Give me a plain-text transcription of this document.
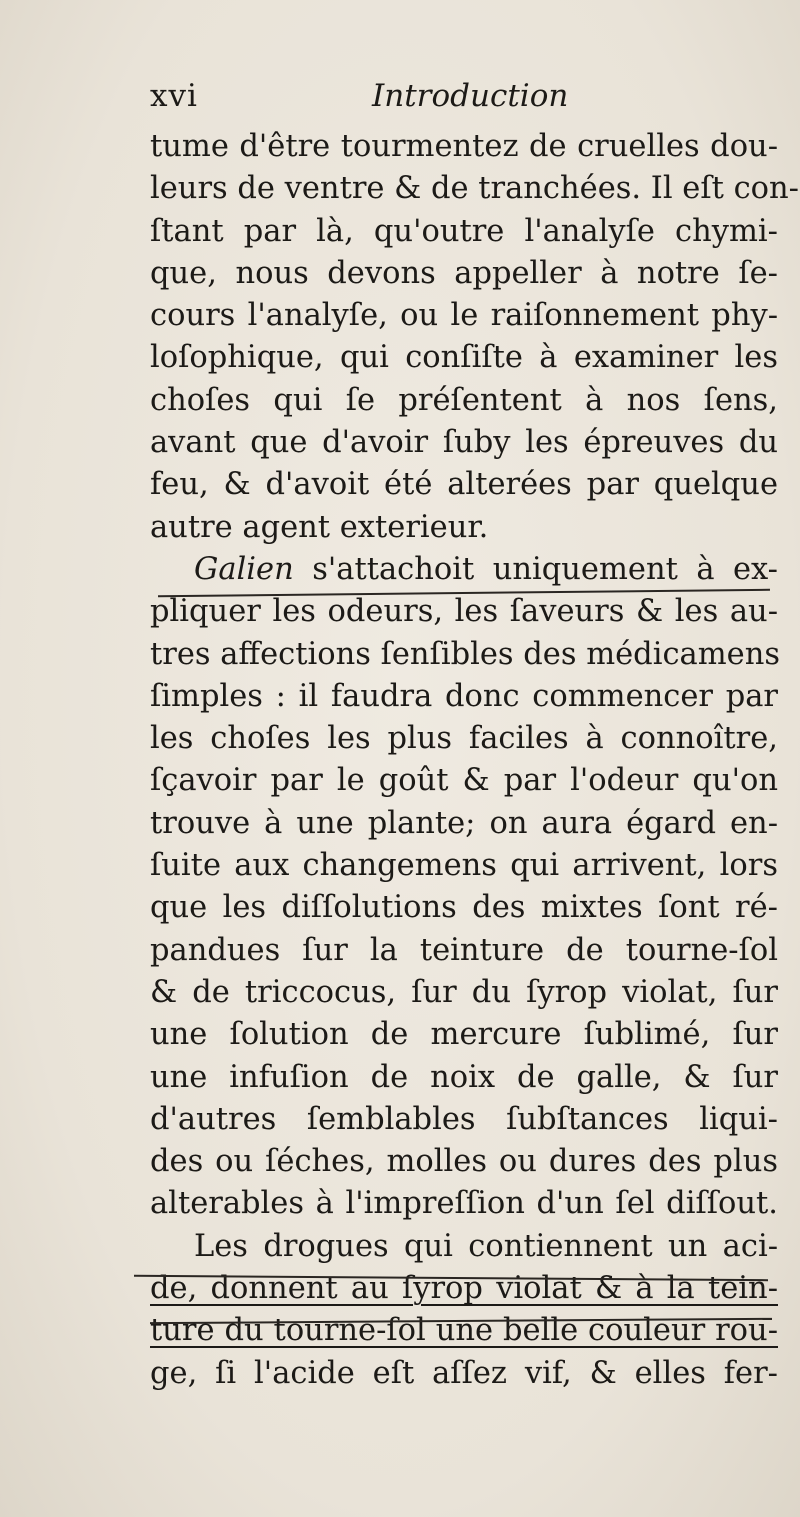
xvi	Introduction
tume d'être tourmentez de cruelles dou-
leurs de ventre & de tranchées. Il eſt con-
ſtant par là, qu'outre l'analyſe chymi-
que, nous devons appeller à notre ſe-
cours l'analyſe, ou le raiſonnement phy-
loſophique, qui conſiſte à examiner les
choſes qui ſe préſentent à nos ſens,
avant que d'avoir ſuby les épreuves du
feu, & d'avoit été alterées par quelque
autre agent exterieur.
Galien s'attachoit uniquement à ex-
pliquer les odeurs, les ſaveurs & les au-
tres affections ſenſibles des médicamens
ſimples : il faudra donc commencer par
les choſes les plus faciles à connoître,
ſçavoir par le goût & par l'odeur qu'on
trouve à une plante; on aura égard en-
ſuite aux changemens qui arrivent, lors
que les diſſolutions des mixtes ſont ré-
pandues ſur la teinture de tourne-ſol
& de triccocus, ſur du ſyrop violat, ſur
une ſolution de mercure ſublimé, ſur
une infuſion de noix de galle, & ſur
d'autres ſemblables ſubſtances liqui-
des ou ſéches, molles ou dures des plus
alterables à l'impreſſion d'un ſel diſſout.
Les drogues qui contiennent un aci-
de, donnent au ſyrop violat & à la tein-
ture du tourne-ſol une belle couleur rou-
ge, ſi l'acide eſt aſſez vif, & elles fer-
